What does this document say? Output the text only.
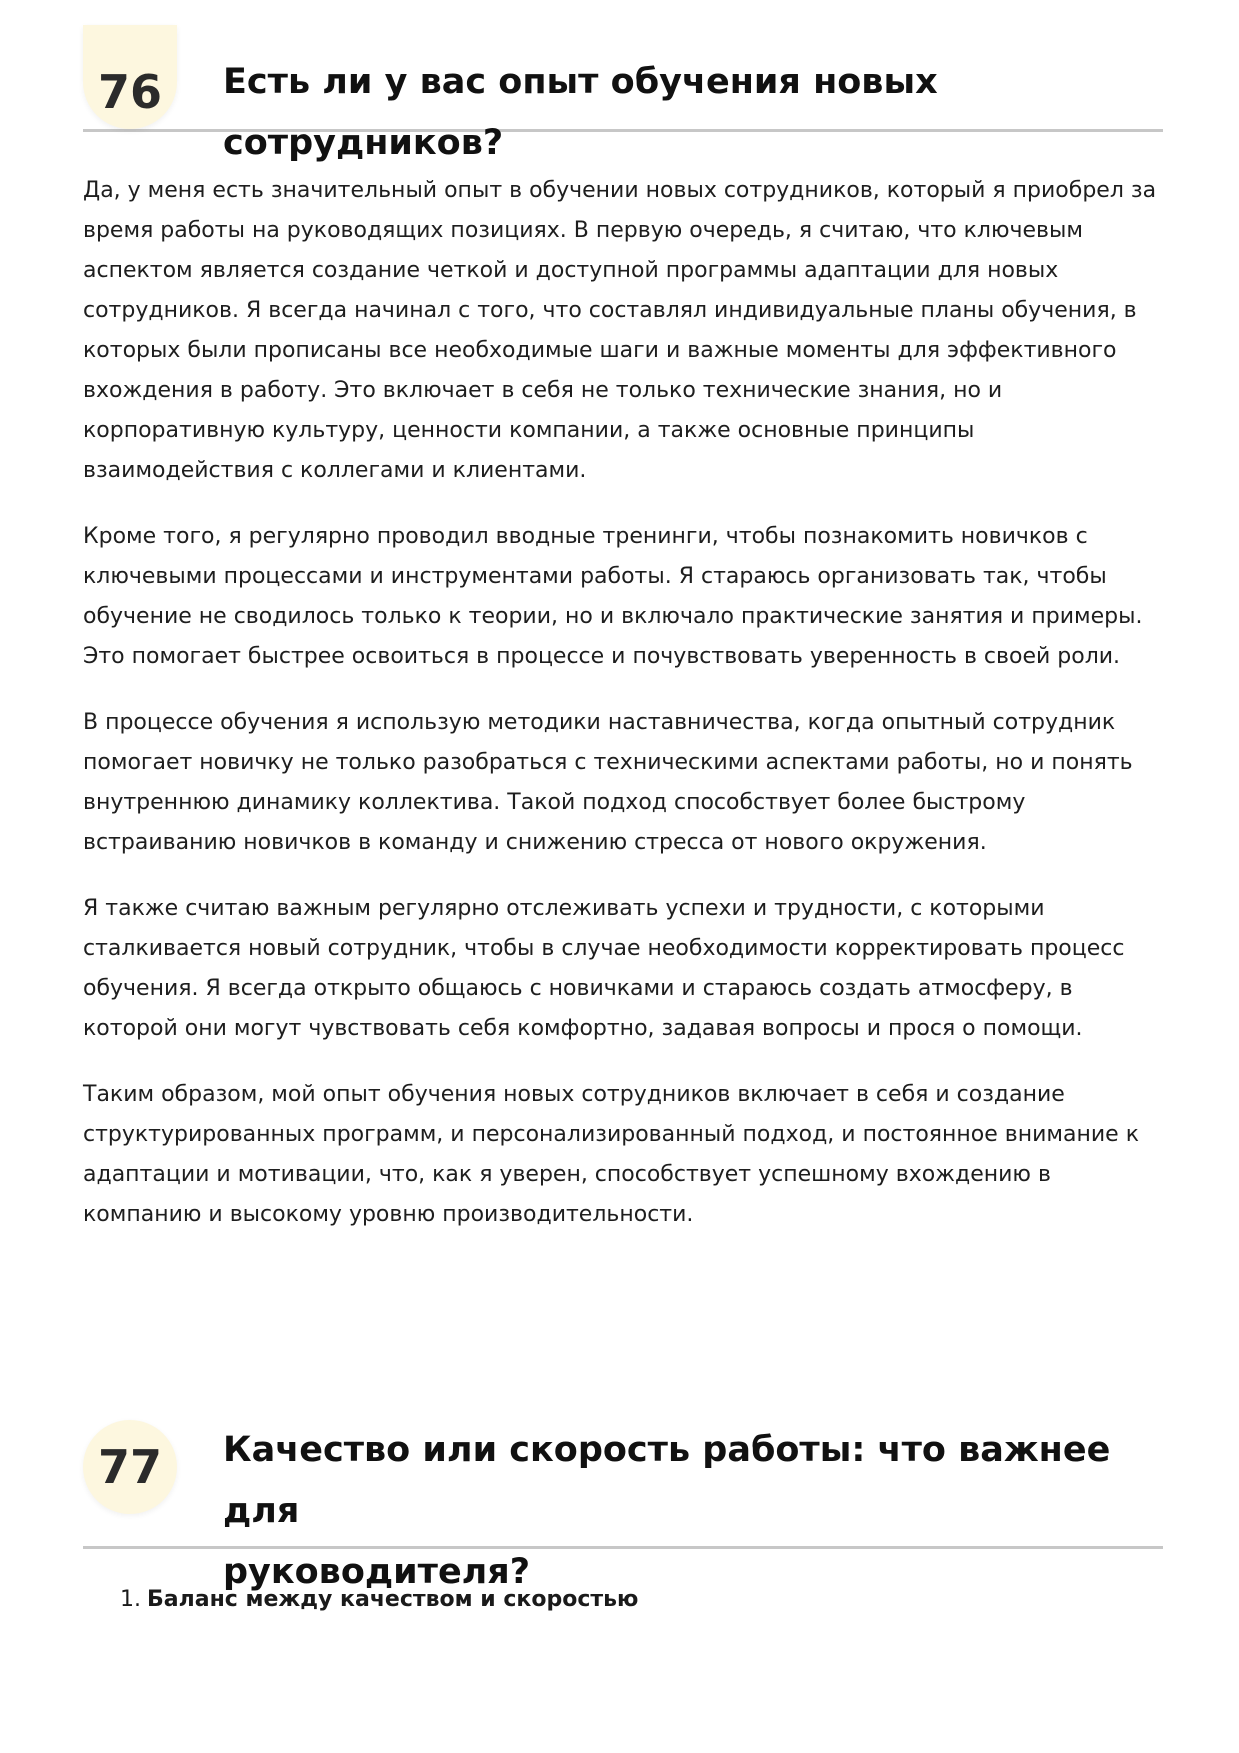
76	Есть ли у вас опыт обучения новых сотрудников?

Да, у меня есть значительный опыт в обучении новых сотрудников, который я приобрел за время работы на руководящих позициях. В первую очередь, я считаю, что ключевым аспектом является создание четкой и доступной программы адаптации для новых сотрудников. Я всегда начинал с того, что составлял индивидуальные планы обучения, в которых были прописаны все необходимые шаги и важные моменты для эффективного вхождения в работу. Это включает в себя не только технические знания, но и корпоративную культуру, ценности компании, а также основные принципы взаимодействия с коллегами и клиентами.

Кроме того, я регулярно проводил вводные тренинги, чтобы познакомить новичков с ключевыми процессами и инструментами работы. Я стараюсь организовать так, чтобы обучение не сводилось только к теории, но и включало практические занятия и примеры. Это помогает быстрее освоиться в процессе и почувствовать уверенность в своей роли.

В процессе обучения я использую методики наставничества, когда опытный сотрудник помогает новичку не только разобраться с техническими аспектами работы, но и понять внутреннюю динамику коллектива. Такой подход способствует более быстрому встраиванию новичков в команду и снижению стресса от нового окружения.

Я также считаю важным регулярно отслеживать успехи и трудности, с которыми сталкивается новый сотрудник, чтобы в случае необходимости корректировать процесс обучения. Я всегда открыто общаюсь с новичками и стараюсь создать атмосферу, в которой они могут чувствовать себя комфортно, задавая вопросы и прося о помощи.

Таким образом, мой опыт обучения новых сотрудников включает в себя и создание структурированных программ, и персонализированный подход, и постоянное внимание к адаптации и мотивации, что, как я уверен, способствует успешному вхождению в компанию и высокому уровню производительности.

77	Качество или скорость работы: что важнее для
руководителя?
1. Баланс между качеством и скоростью
